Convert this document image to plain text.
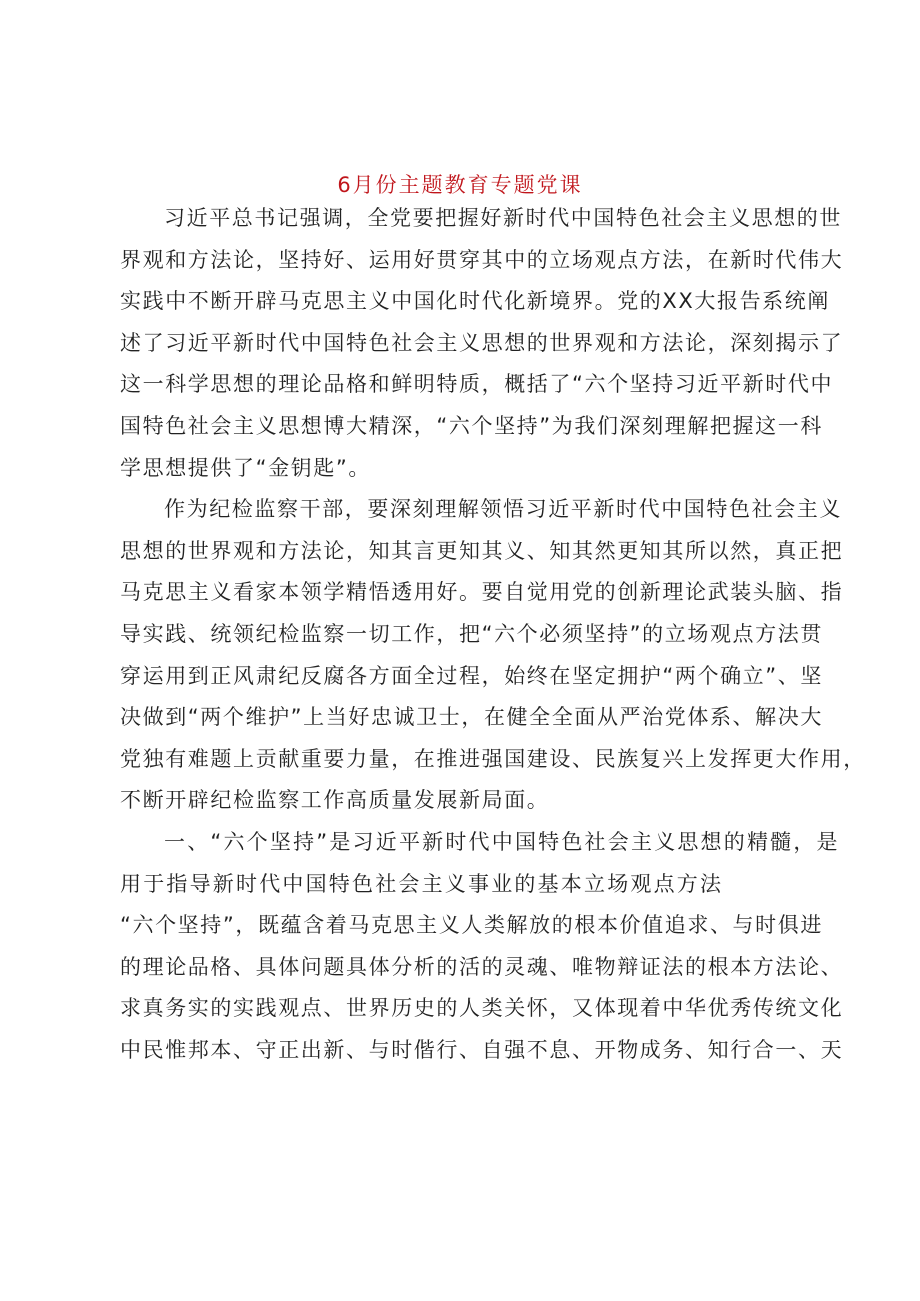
6月份主题教育专题党课

习近平总书记强调，全党要把握好新时代中国特色社会主义思想的世
界观和方法论，坚持好、运用好贯穿其中的立场观点方法，在新时代伟大
实践中不断开辟马克思主义中国化时代化新境界。党的XX大报告系统阐
述了习近平新时代中国特色社会主义思想的世界观和方法论，深刻揭示了
这一科学思想的理论品格和鲜明特质，概括了“六个坚持习近平新时代中
国特色社会主义思想博大精深，“六个坚持”为我们深刻理解把握这一科
学思想提供了“金钥匙”。

作为纪检监察干部，要深刻理解领悟习近平新时代中国特色社会主义
思想的世界观和方法论，知其言更知其义、知其然更知其所以然，真正把
马克思主义看家本领学精悟透用好。要自觉用党的创新理论武装头脑、指
导实践、统领纪检监察一切工作，把“六个必须坚持”的立场观点方法贯
穿运用到正风肃纪反腐各方面全过程，始终在坚定拥护“两个确立”、坚
决做到“两个维护”上当好忠诚卫士，在健全全面从严治党体系、解决大
党独有难题上贡献重要力量，在推进强国建设、民族复兴上发挥更大作用，
不断开辟纪检监察工作高质量发展新局面。

一、“六个坚持”是习近平新时代中国特色社会主义思想的精髓，是
用于指导新时代中国特色社会主义事业的基本立场观点方法

“六个坚持”，既蕴含着马克思主义人类解放的根本价值追求、与时俱进
的理论品格、具体问题具体分析的活的灵魂、唯物辩证法的根本方法论、
求真务实的实践观点、世界历史的人类关怀，又体现着中华优秀传统文化
中民惟邦本、守正出新、与时偕行、自强不息、开物成务、知行合一、天
